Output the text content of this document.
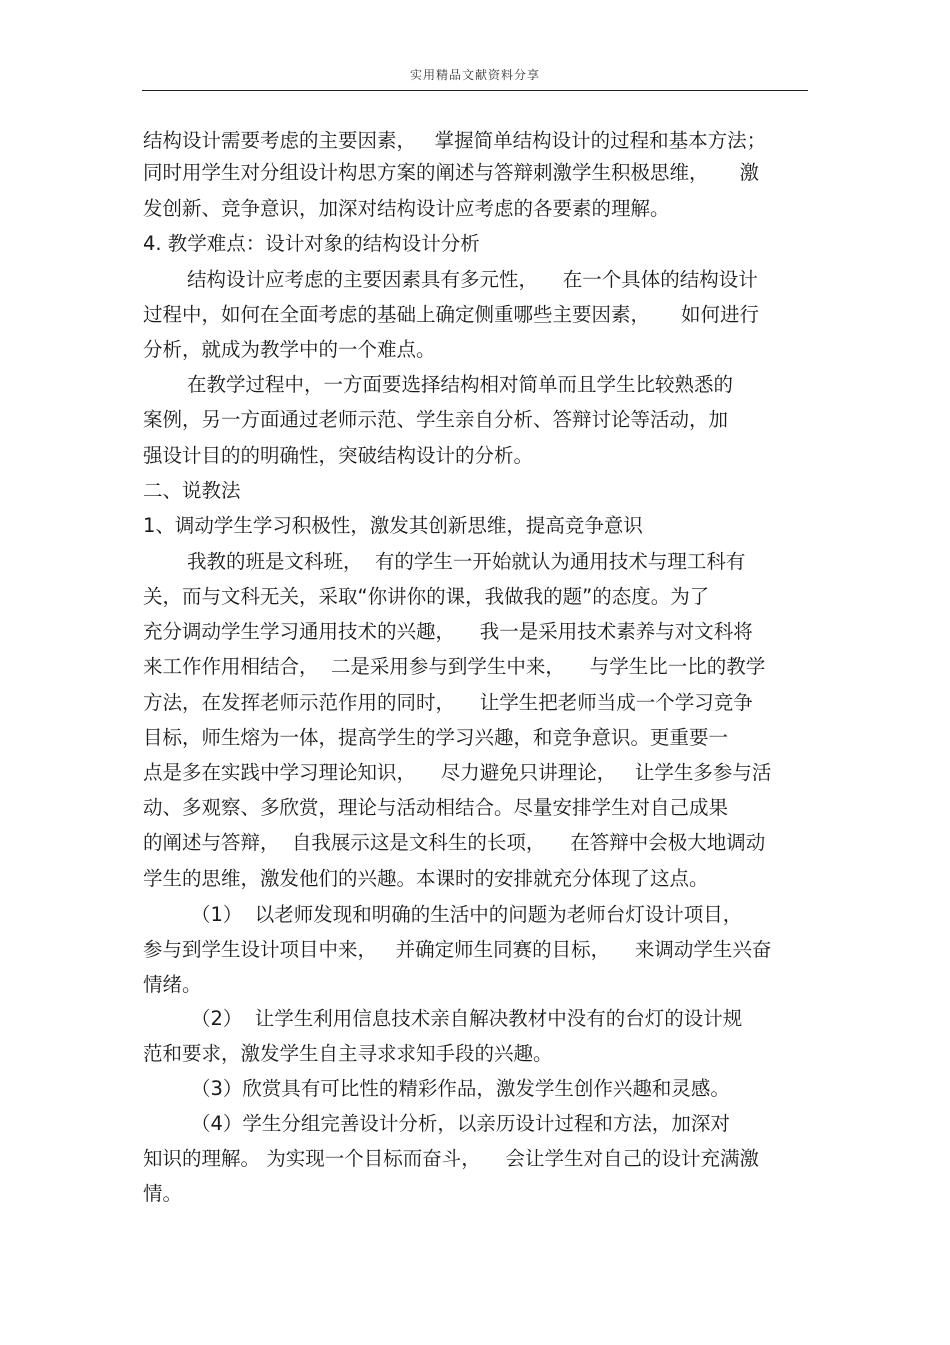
实用精品文献资料分享
结构设计需要考虑的主要因素，   掌握简单结构设计的过程和基本方法；
同时用学生对分组设计构思方案的阐述与答辩刺激学生积极思维，     激
发创新、竞争意识，加深对结构设计应考虑的各要素的理解。
4. 教学难点：设计对象的结构设计分析
结构设计应考虑的主要因素具有多元性，    在一个具体的结构设计
过程中，如何在全面考虑的基础上确定侧重哪些主要因素，     如何进行
分析，就成为教学中的一个难点。
在教学过程中，一方面要选择结构相对简单而且学生比较熟悉的
案例，另一方面通过老师示范、学生亲自分析、答辩讨论等活动，加
强设计目的的明确性，突破结构设计的分析。
二、说教法
1、调动学生学习积极性，激发其创新思维，提高竞争意识
我教的班是文科班，  有的学生一开始就认为通用技术与理工科有
关，而与文科无关，采取“你讲你的课，我做我的题”的态度。为了
充分调动学生学习通用技术的兴趣，    我一是采用技术素养与对文科将
来工作作用相结合，  二是采用参与到学生中来，    与学生比一比的教学
方法，在发挥老师示范作用的同时，    让学生把老师当成一个学习竞争
目标，师生熔为一体，提高学生的学习兴趣，和竞争意识。更重要一
点是多在实践中学习理论知识，    尽力避免只讲理论，   让学生多参与活
动、多观察、多欣赏，理论与活动相结合。尽量安排学生对自己成果
的阐述与答辩，  自我展示这是文科生的长项，    在答辩中会极大地调动
学生的思维，激发他们的兴趣。本课时的安排就充分体现了这点。
（1）  以老师发现和明确的生活中的问题为老师台灯设计项目，
参与到学生设计项目中来，   并确定师生同赛的目标，    来调动学生兴奋
情绪。
（2）  让学生利用信息技术亲自解决教材中没有的台灯的设计规
范和要求，激发学生自主寻求求知手段的兴趣。
（3）欣赏具有可比性的精彩作品，激发学生创作兴趣和灵感。
（4）学生分组完善设计分析，以亲历设计过程和方法，加深对
知识的理解。 为实现一个目标而奋斗，    会让学生对自己的设计充满激
情。
